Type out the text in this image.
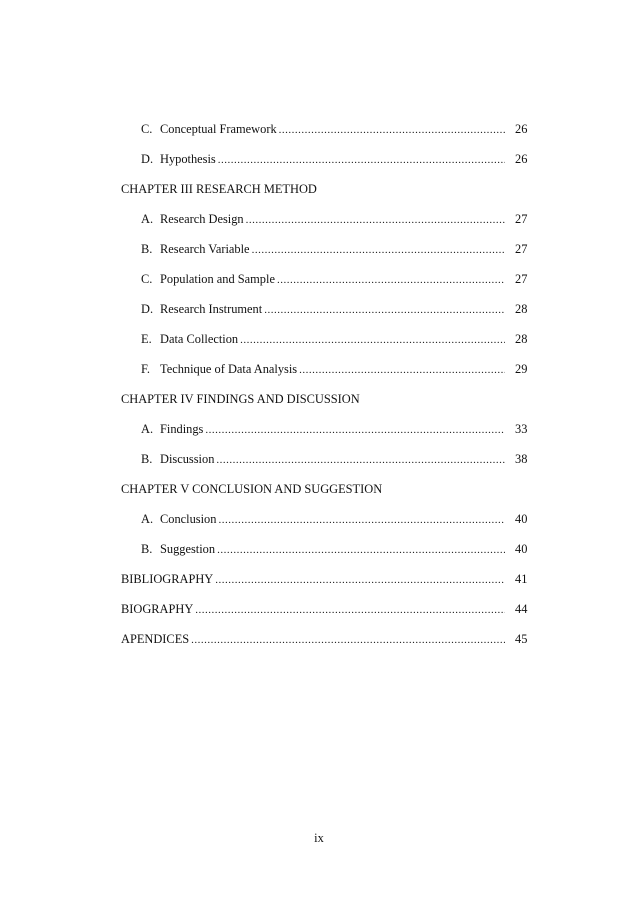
C. Conceptual Framework .....	26
D. Hypothesis .....	26
CHAPTER III RESEARCH METHOD
A. Research Design .....	27
B. Research Variable .....	27
C. Population and Sample .....	27
D. Research Instrument .....	28
E. Data Collection .....	28
F. Technique of Data Analysis .....	29
CHAPTER IV FINDINGS AND DISCUSSION
A. Findings .....	33
B. Discussion .....	38
CHAPTER V CONCLUSION AND SUGGESTION
A. Conclusion .....	40
B. Suggestion .....	40
BIBLIOGRAPHY .....	41
BIOGRAPHY .....	44
APENDICES .....	45
ix
